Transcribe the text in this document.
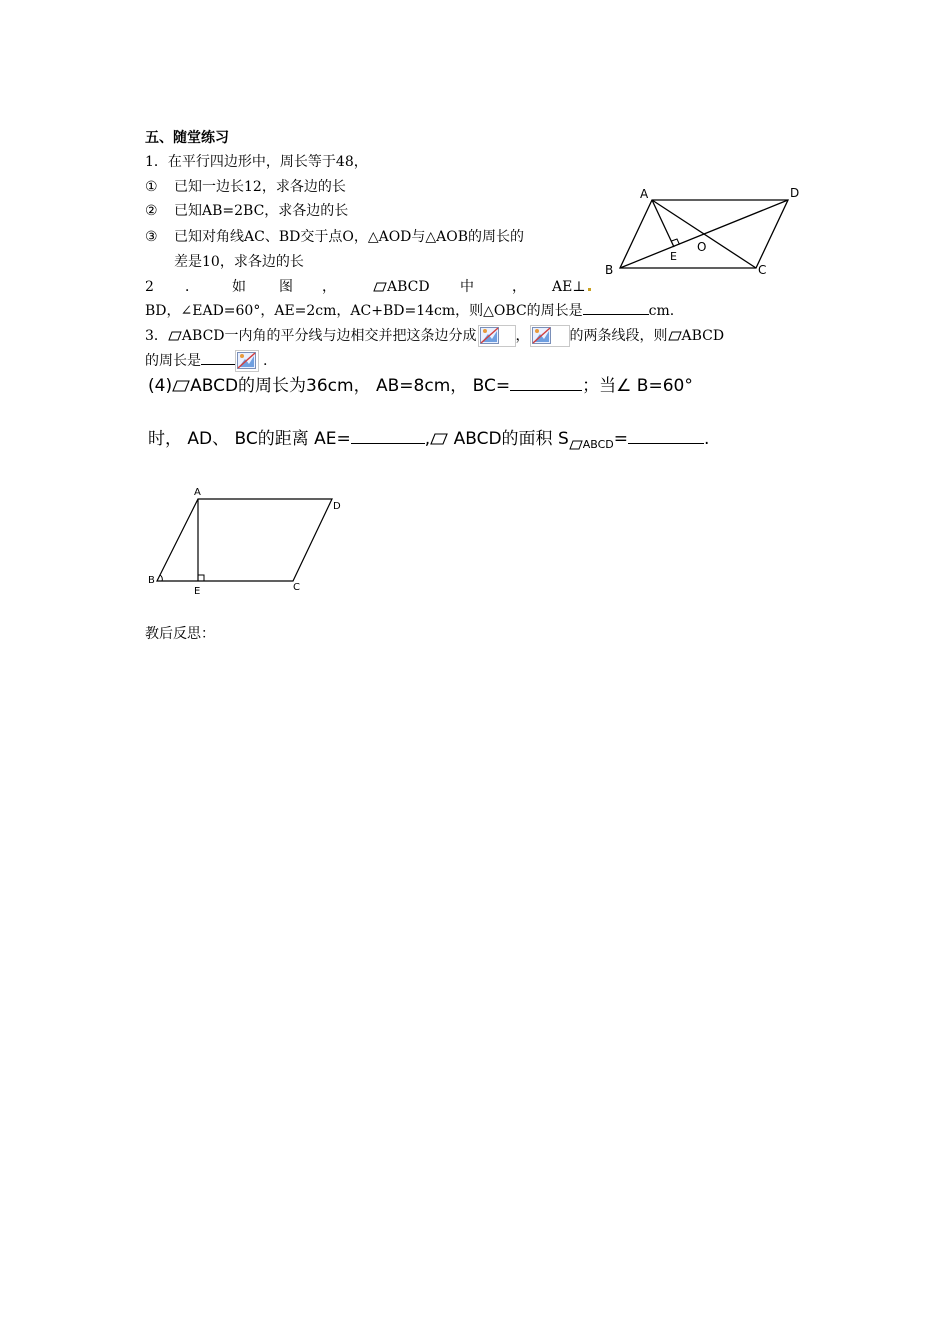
五、随堂练习
1．在平行四边形中，周长等于48，
① 已知一边长12，求各边的长
② 已知AB=2BC，求各边的长
③ 已知对角线AC、BD交于点O，△AOD与△AOB的周长的
差是10，求各边的长
A	D
B	C
E
O
2 ． 如 图 ，	ABCD 中	， AE⊥
BD，∠EAD=60°，AE=2cm，AC+BD=14cm，则△OBC的周长是	cm.
3． ABCD一内角的平分线与边相交并把这条边分成	，	的两条线段，则 ABCD
的周长是	.
(4) ABCD的周长为36cm， AB=8cm， BC=	；当∠ B=60°
时， AD、 BC的距离 AE=	, ABCD的面积 S $_{ABCD}$=	.
A
D
B
C
E
教后反思：
